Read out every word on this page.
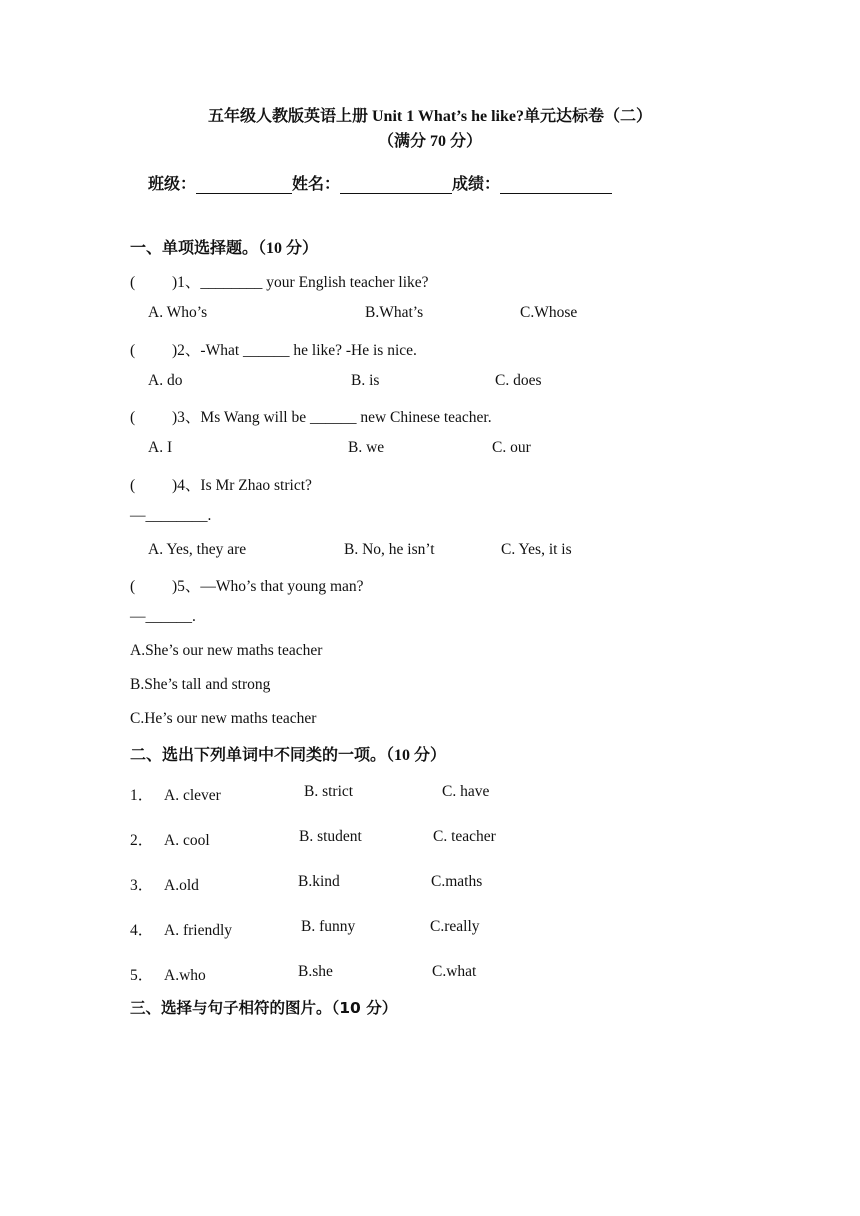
五年级人教版英语上册 Unit 1 What’s he like?单元达标卷（二）
（满分 70 分）
班级：	姓名：	成绩：
一、单项选择题。（10 分）
( )1、________ your English teacher like?
A. Who’s	B.What’s	C.Whose
( )2、-What ______ he like? -He is nice.
A. do	B. is	C. does
( )3、Ms Wang will be ______ new Chinese teacher.
A. I	B. we	C. our
( )4、Is Mr Zhao strict?
—________.
A. Yes, they are	B. No, he isn’t	C. Yes, it is
( )5、—Who’s that young man?
—______.
A.She’s our new maths teacher
B.She’s tall and strong
C.He’s our new maths teacher
二、选出下列单词中不同类的一项。（10 分）
1． A. clever	B. strict	C. have
2． A. cool	B. student	C. teacher
3． A.old	B.kind	C.maths
4． A. friendly	B. funny	C.really
5． A.who	B.she	C.what
三、选择与句子相符的图片。（10 分）
